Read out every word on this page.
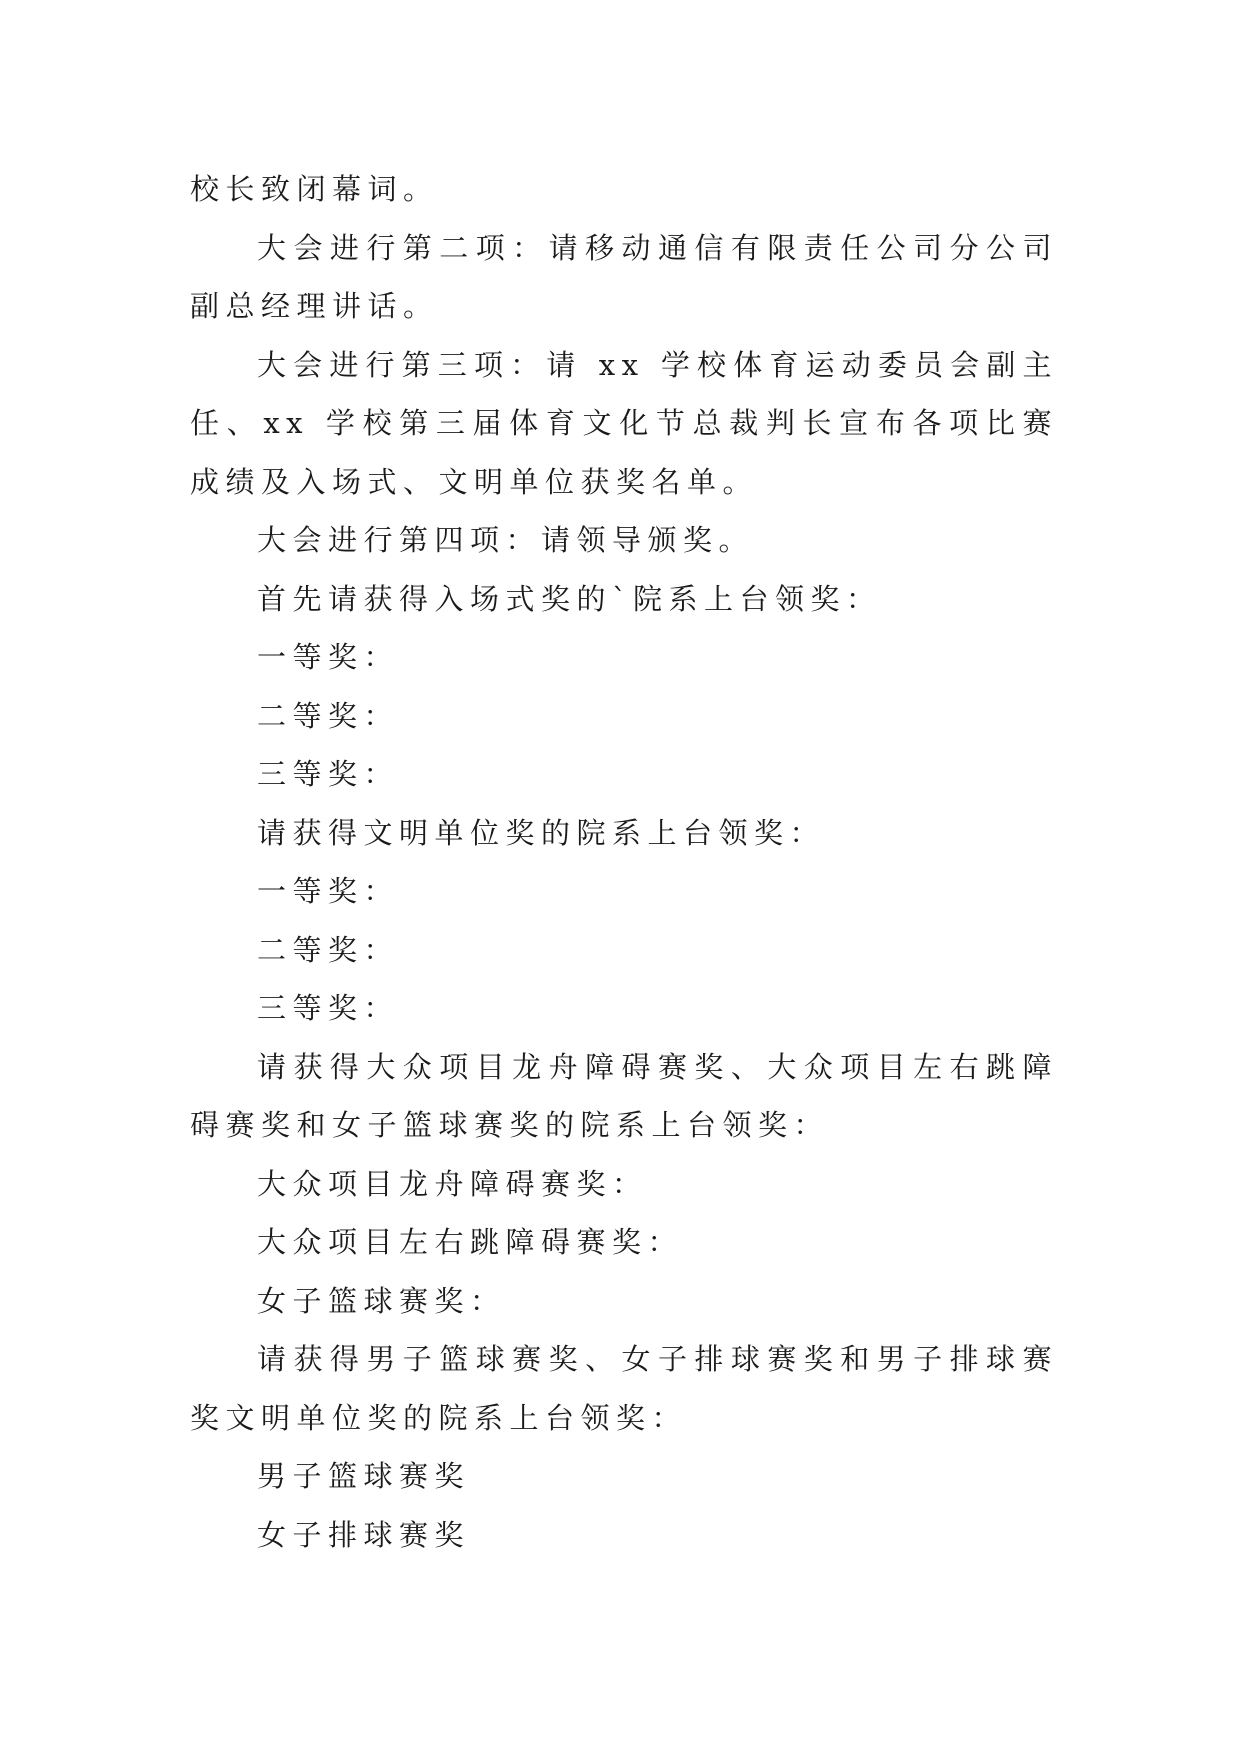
校长致闭幕词。

大会进行第二项：请移动通信有限责任公司分公司副总经理讲话。

大会进行第三项：请 xx 学校体育运动委员会副主任、xx 学校第三届体育文化节总裁判长宣布各项比赛成绩及入场式、文明单位获奖名单。

大会进行第四项：请领导颁奖。

首先请获得入场式奖的`院系上台领奖：

一等奖：

二等奖：

三等奖：

请获得文明单位奖的院系上台领奖：

一等奖：

二等奖：

三等奖：

请获得大众项目龙舟障碍赛奖、大众项目左右跳障碍赛奖和女子篮球赛奖的院系上台领奖：

大众项目龙舟障碍赛奖：

大众项目左右跳障碍赛奖：

女子篮球赛奖：

请获得男子篮球赛奖、女子排球赛奖和男子排球赛奖文明单位奖的院系上台领奖：

男子篮球赛奖

女子排球赛奖
